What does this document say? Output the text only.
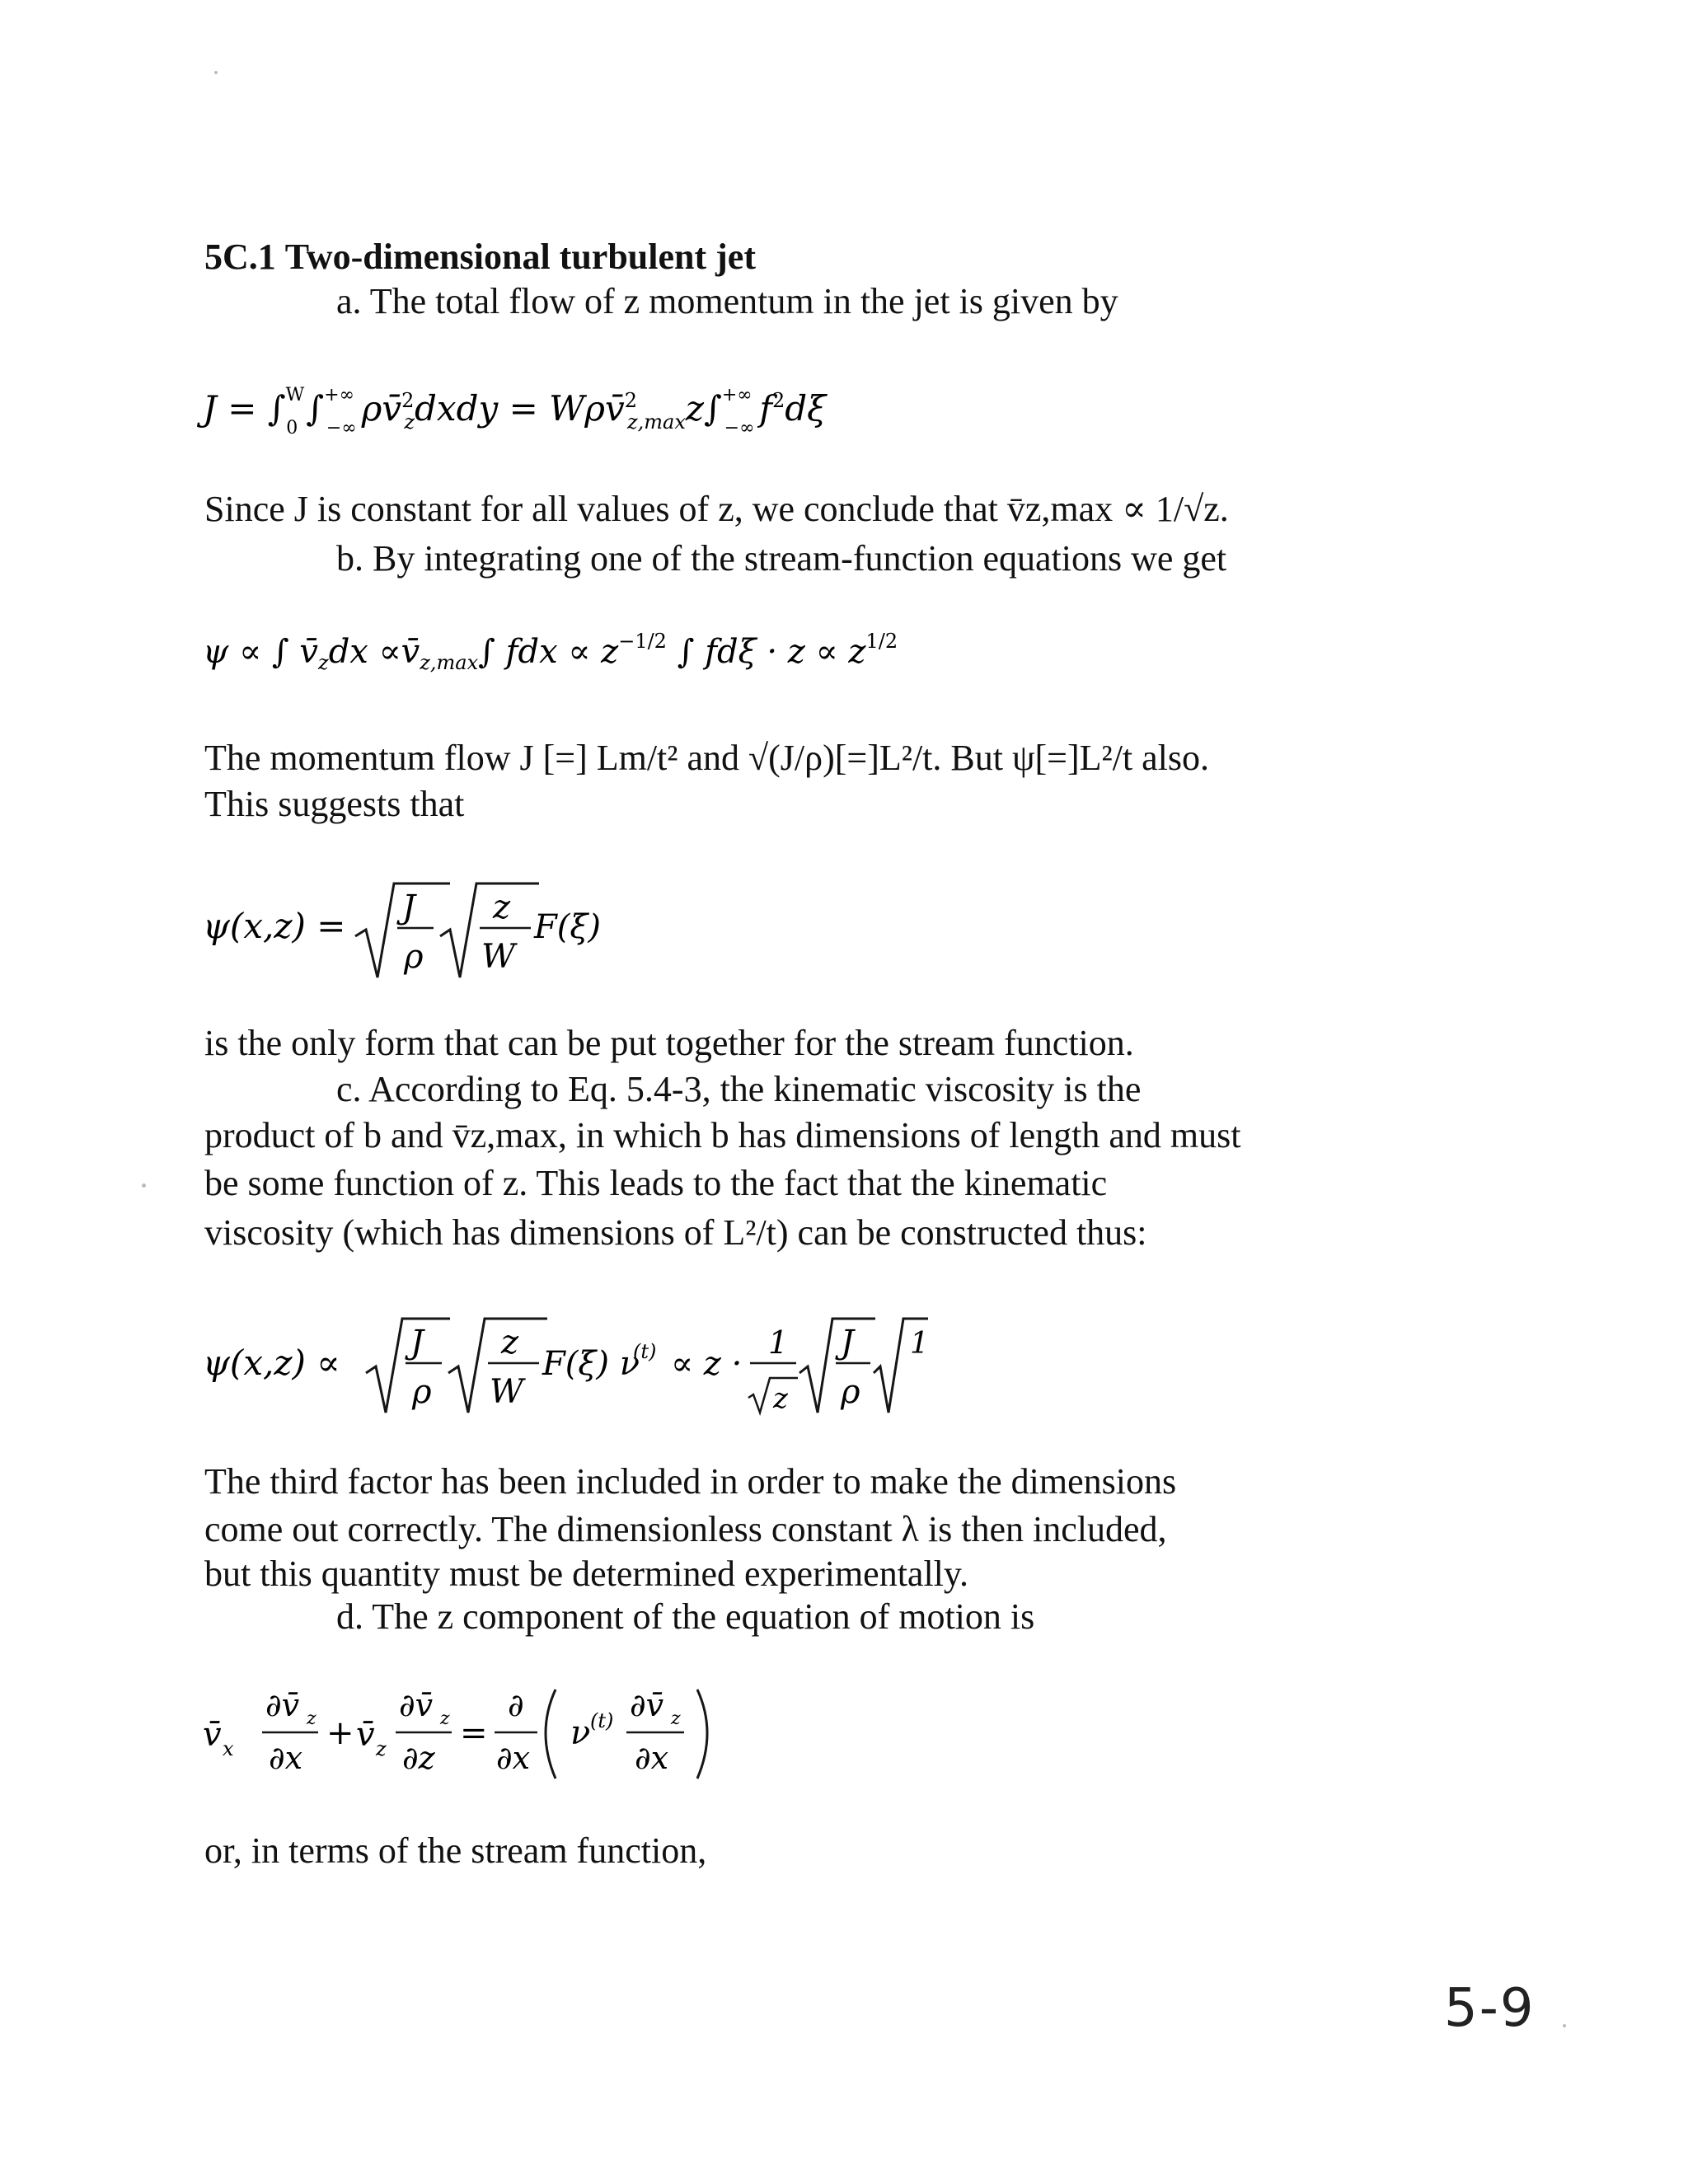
5C.1 Two-dimensional turbulent jet
a. The total flow of z momentum in the jet is given by
J = ∫$^W$ 0 ∫+∞ −∞ ρv̄$^2$ zdxdy = Wρv̄$^2$ z,maxz∫+∞ −∞ $f^2d\xi$
Since J is constant for all values of z, we conclude that v̄z,max ∝ 1/√z.
b. By integrating one of the stream-function equations we get
ψ ∝ ∫ $v̄_zdx$ $\propto v̄_{z,max}\int$ fdx ∝ $z^{-1/2}$ ∫ $fd\xi \cdot z \propto z^{1/2}$
The momentum flow J [=] Lm/t² and √(J/ρ)[=]L²/t. But ψ[=]L²/t also.
This suggests that
ψ(x,z) = J
ρ
z
W
F(ξ)
is the only form that can be put together for the stream function.
c. According to Eq. 5.4-3, the kinematic viscosity is the
product of b and v̄z,max, in which b has dimensions of length and must
be some function of z. This leads to the fact that the kinematic
viscosity (which has dimensions of L²/t) can be constructed thus:
ψ(x,z) ∝ J
ρ
z
W
F(ξ) ν
(t) ∝ z ·
1
z
J
ρ
1
The third factor has been included in order to make the dimensions
come out correctly. The dimensionless constant λ is then included,
but this quantity must be determined experimentally.
d. The z component of the equation of motion is
v̄ x
∂v̄ z
∂x
+ v̄ z
∂v̄ z
∂z
=
∂
∂x
ν (t) ∂v̄ z
∂x
or, in terms of the stream function,
5-9
